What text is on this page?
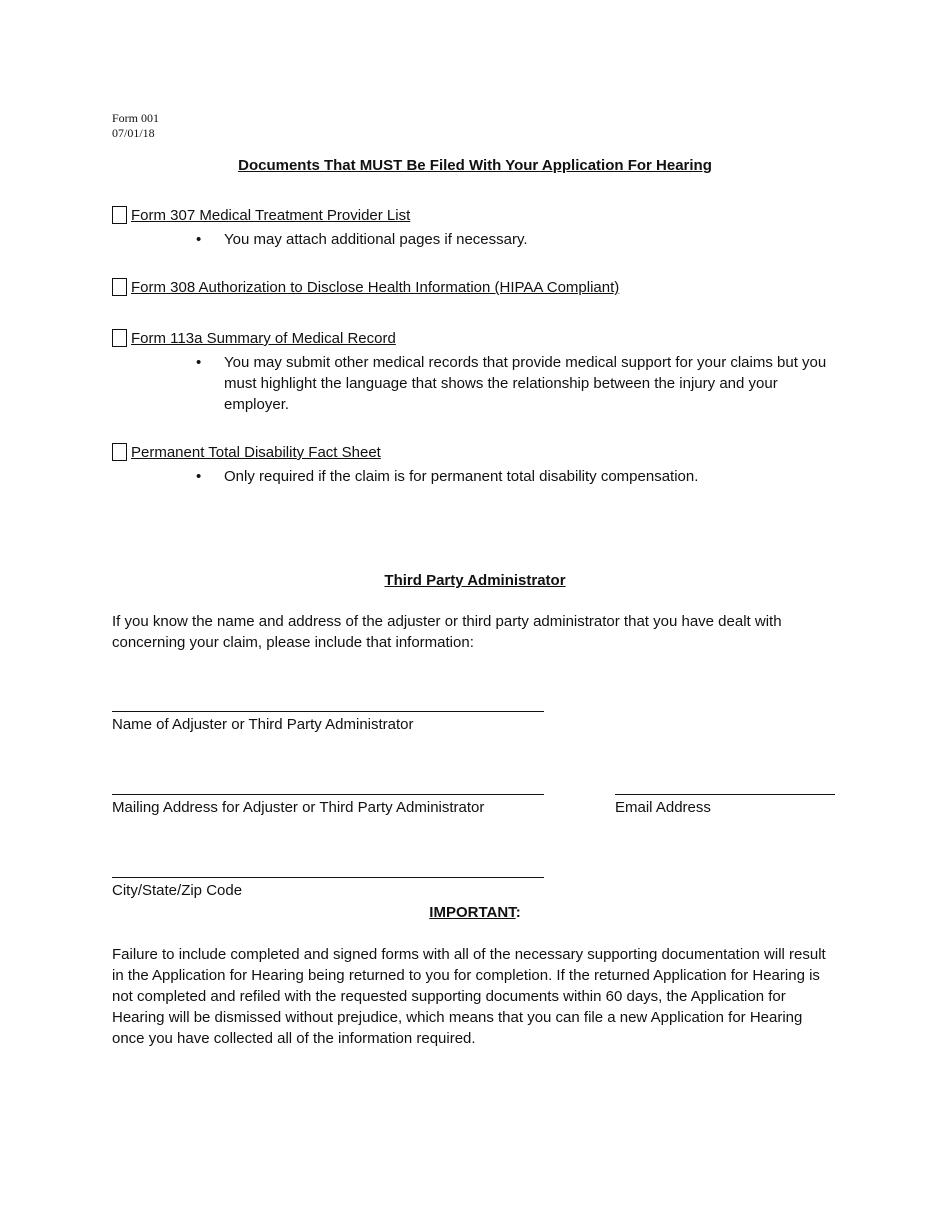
Form 001
07/01/18
Documents That MUST Be Filed With Your Application For Hearing
Form 307 Medical Treatment Provider List
• You may attach additional pages if necessary.
Form 308 Authorization to Disclose Health Information (HIPAA Compliant)
Form 113a Summary of Medical Record
• You may submit other medical records that provide medical support for your claims but you must highlight the language that shows the relationship between the injury and your employer.
Permanent Total Disability Fact Sheet
• Only required if the claim is for permanent total disability compensation.
Third Party Administrator
If you know the name and address of the adjuster or third party administrator that you have dealt with concerning your claim, please include that information:
Name of Adjuster or Third Party Administrator
Mailing Address for Adjuster or Third Party Administrator	Email Address
City/State/Zip Code
IMPORTANT:
Failure to include completed and signed forms with all of the necessary supporting documentation will result in the Application for Hearing being returned to you for completion. If the returned Application for Hearing is not completed and refiled with the requested supporting documents within 60 days, the Application for Hearing will be dismissed without prejudice, which means that you can file a new Application for Hearing once you have collected all of the information required.
